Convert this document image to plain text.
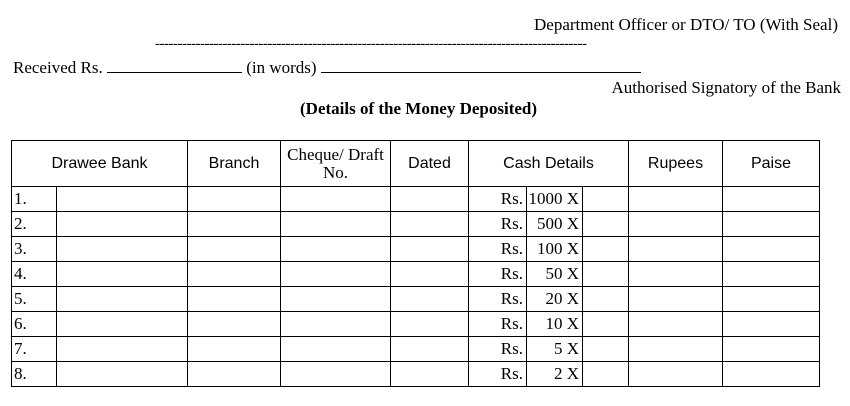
Department Officer or DTO/ TO (With Seal)
------------------------------------------------------------------------------------------------
Received Rs.	(in words)
Authorised Signatory of the Bank
(Details of the Money Deposited)
Drawee Bank		Branch	Cheque/ Draft No.	Dated	Cash Details			Rupees	Paise
1.					Rs.	1000 X			
2.					Rs.	500 X			
3.					Rs.	100 X			
4.					Rs.	50 X			
5.					Rs.	20 X			
6.					Rs.	10 X			
7.					Rs.	5 X			
8.					Rs.	2 X			
